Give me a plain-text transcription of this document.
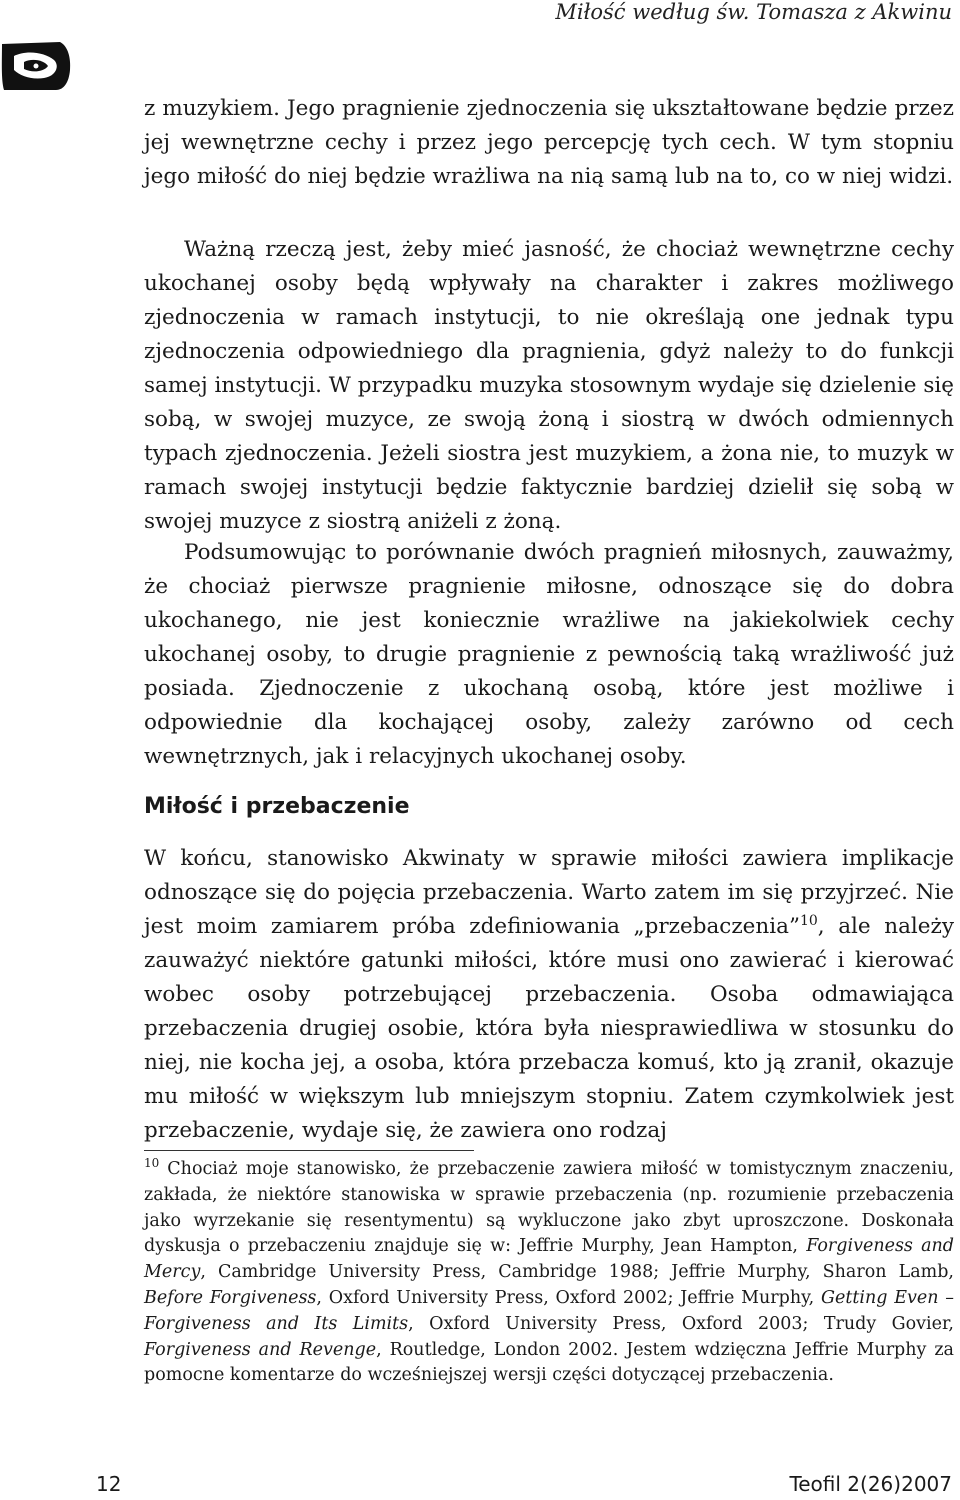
Miłość według św. Tomasza z Akwinu

z muzykiem. Jego pragnienie zjednoczenia się ukształtowane będzie przez jej wewnętrzne cechy i przez jego percepcję tych cech. W tym stopniu jego miłość do niej będzie wrażliwa na nią samą lub na to, co w niej widzi.

Ważną rzeczą jest, żeby mieć jasność, że chociaż wewnętrzne cechy ukochanej osoby będą wpływały na charakter i zakres możliwego zjednoczenia w ramach instytucji, to nie określają one jednak typu zjednoczenia odpowiedniego dla pragnienia, gdyż należy to do funkcji samej instytucji. W przypadku muzyka stosownym wydaje się dzielenie się sobą, w swojej muzyce, ze swoją żoną i siostrą w dwóch odmiennych typach zjednoczenia. Jeżeli siostra jest muzykiem, a żona nie, to muzyk w ramach swojej instytucji będzie faktycznie bardziej dzielił się sobą w swojej muzyce z siostrą aniżeli z żoną.

Podsumowując to porównanie dwóch pragnień miłosnych, zauważmy, że chociaż pierwsze pragnienie miłosne, odnoszące się do dobra ukochanego, nie jest koniecznie wrażliwe na jakiekolwiek cechy ukochanej osoby, to drugie pragnienie z pewnością taką wrażliwość już posiada. Zjednoczenie z ukochaną osobą, które jest możliwe i odpowiednie dla kochającej osoby, zależy zarówno od cech wewnętrznych, jak i relacyjnych ukochanej osoby.

Miłość i przebaczenie

W końcu, stanowisko Akwinaty w sprawie miłości zawiera implikacje odnoszące się do pojęcia przebaczenia. Warto zatem im się przyjrzeć. Nie jest moim zamiarem próba zdefiniowania „przebaczenia”$^{10}$, ale należy zauważyć niektóre gatunki miłości, które musi ono zawierać i kierować wobec osoby potrzebującej przebaczenia. Osoba odmawiająca przebaczenia drugiej osobie, która była niesprawiedliwa w stosunku do niej, nie kocha jej, a osoba, która przebacza komuś, kto ją zranił, okazuje mu miłość w większym lub mniejszym stopniu. Zatem czymkolwiek jest przebaczenie, wydaje się, że zawiera ono rodzaj

$^{10}$ Chociaż moje stanowisko, że przebaczenie zawiera miłość w tomistycznym znaczeniu, zakłada, że niektóre stanowiska w sprawie przebaczenia (np. rozumienie przebaczenia jako wyrzekanie się resentymentu) są wykluczone jako zbyt uproszczone. Doskonała dyskusja o przebaczeniu znajduje się w: Jeffrie Murphy, Jean Hampton, Forgiveness and Mercy, Cambridge University Press, Cambridge 1988; Jeffrie Murphy, Sharon Lamb, Before Forgiveness, Oxford University Press, Oxford 2002; Jeffrie Murphy, Getting Even – Forgiveness and Its Limits, Oxford University Press, Oxford 2003; Trudy Govier, Forgiveness and Revenge, Routledge, London 2002. Jestem wdzięczna Jeffrie Murphy za pomocne komentarze do wcześniejszej wersji części dotyczącej przebaczenia.

12	Teofil 2(26)2007
